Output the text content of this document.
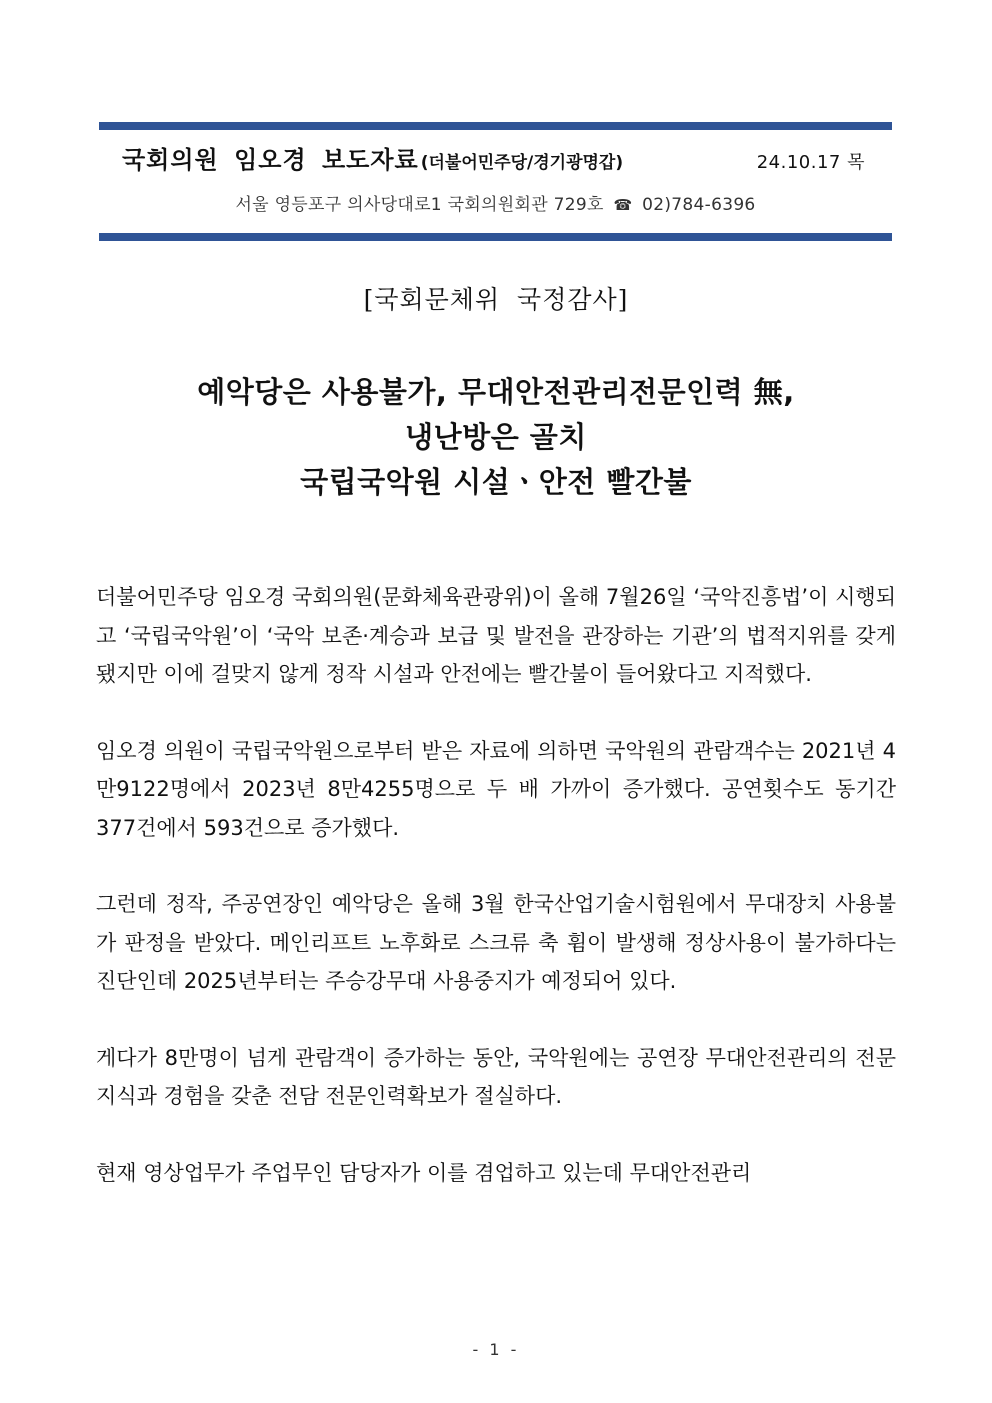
국회의원 임오경 보도자료 (더불어민주당/경기광명갑)	24.10.17 목
서울 영등포구 의사당대로1 국회의원회관 729호 ☎ 02)784-6396
[국회문체위 국정감사]
예악당은 사용불가, 무대안전관리전문인력 無,
냉난방은 골치
국립국악원 시설ㆍ안전 빨간불

더불어민주당 임오경 국회의원(문화체육관광위)이 올해 7월26일 ‘국악진흥법’이 시행되고 ‘국립국악원’이 ‘국악 보존·계승과 보급 및 발전을 관장하는 기관’의 법적지위를 갖게 됐지만 이에 걸맞지 않게 정작 시설과 안전에는 빨간불이 들어왔다고 지적했다.

임오경 의원이 국립국악원으로부터 받은 자료에 의하면 국악원의 관람객수는 2021년 4만9122명에서 2023년 8만4255명으로 두 배 가까이 증가했다. 공연횟수도 동기간 377건에서 593건으로 증가했다.

그런데 정작, 주공연장인 예악당은 올해 3월 한국산업기술시험원에서 무대장치 사용불가 판정을 받았다. 메인리프트 노후화로 스크류 축 휨이 발생해 정상사용이 불가하다는 진단인데 2025년부터는 주승강무대 사용중지가 예정되어 있다.

게다가 8만명이 넘게 관람객이 증가하는 동안, 국악원에는 공연장 무대안전관리의 전문지식과 경험을 갖춘 전담 전문인력확보가 절실하다.

현재 영상업무가 주업무인 담당자가 이를 겸업하고 있는데 무대안전관리

- 1 -
